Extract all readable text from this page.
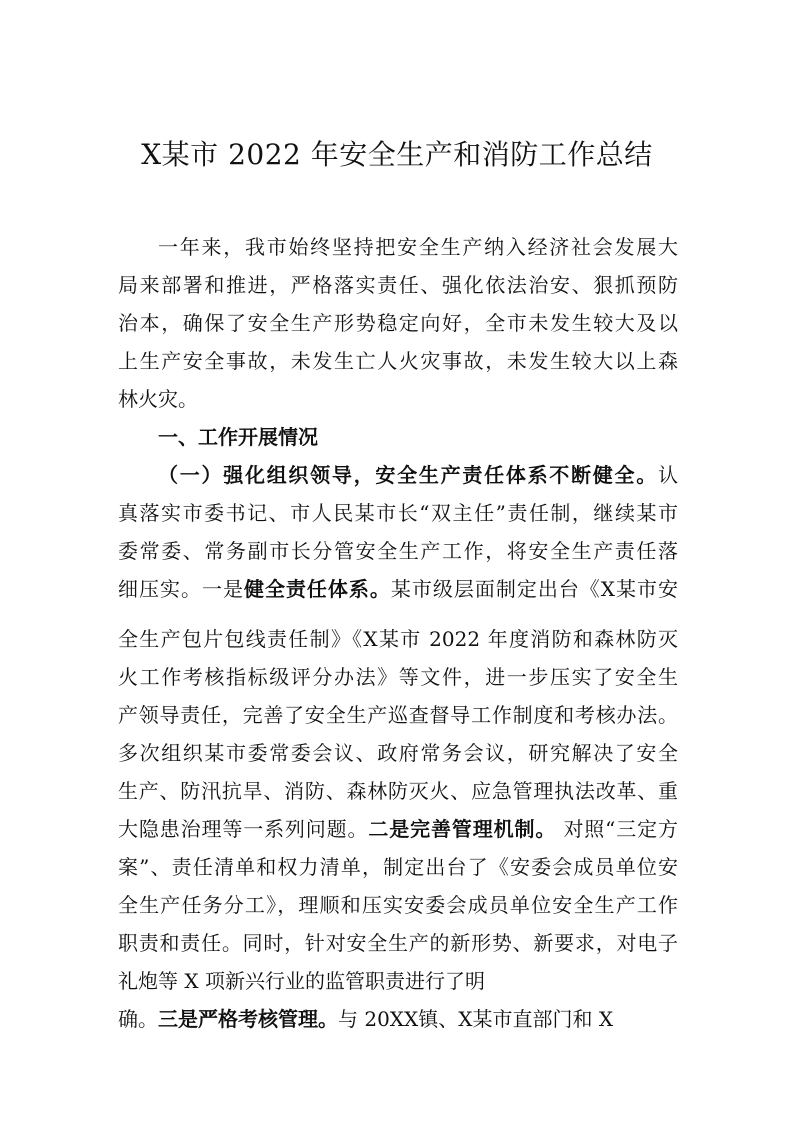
X某市 2022 年安全生产和消防工作总结
一年来，我市始终坚持把安全生产纳入经济社会发展大
局来部署和推进，严格落实责任、强化依法治安、狠抓预防
治本，确保了安全生产形势稳定向好，全市未发生较大及以
上生产安全事故，未发生亡人火灾事故，未发生较大以上森
林火灾。
一、工作开展情况
（一）强化组织领导，安全生产责任体系不断健全。认
真落实市委书记、市人民某市长“双主任”责任制，继续某市
委常委、常务副市长分管安全生产工作，将安全生产责任落
细压实。一是健全责任体系。某市级层面制定出台《X某市安
全生产包片包线责任制》《X某市 2022 年度消防和森林防灭
火工作考核指标级评分办法》等文件，进一步压实了安全生
产领导责任，完善了安全生产巡查督导工作制度和考核办法。
多次组织某市委常委会议、政府常务会议，研究解决了安全
生产、防汛抗旱、消防、森林防灭火、应急管理执法改革、重
大隐患治理等一系列问题。二是完善管理机制。 对照“三定方
案”、责任清单和权力清单，制定出台了《安委会成员单位安
全生产任务分工》，理顺和压实安委会成员单位安全生产工作
职责和责任。同时，针对安全生产的新形势、新要求，对电子
礼炮等 X 项新兴行业的监管职责进行了明
确。三是严格考核管理。与 20XX镇、X某市直部门和 X
